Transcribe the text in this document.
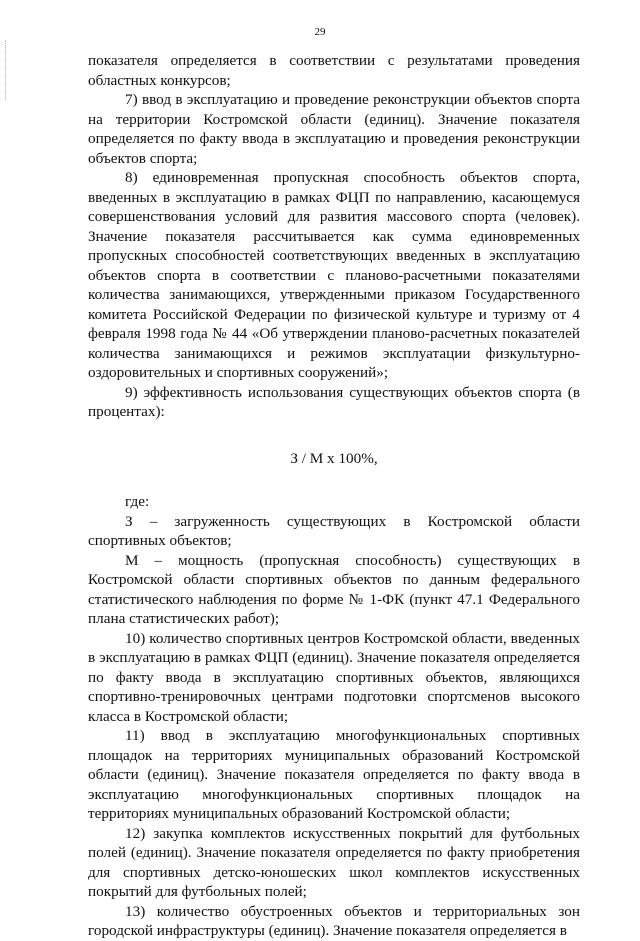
29

показателя определяется в соответствии с результатами проведения областных конкурсов;

7) ввод в эксплуатацию и проведение реконструкции объектов спорта на территории Костромской области (единиц). Значение показателя определяется по факту ввода в эксплуатацию и проведения реконструкции объектов спорта;

8) единовременная пропускная способность объектов спорта, введенных в эксплуатацию в рамках ФЦП по направлению, касающемуся совершенствования условий для развития массового спорта (человек). Значение показателя рассчитывается как сумма единовременных пропускных способностей соответствующих введенных в эксплуатацию объектов спорта в соответствии с планово-расчетными показателями количества занимающихся, утвержденными приказом Государственного комитета Российской Федерации по физической культуре и туризму от 4 февраля 1998 года № 44 «Об утверждении планово-расчетных показателей количества занимающихся и режимов эксплуатации физкультурно-оздоровительных и спортивных сооружений»;

9) эффективность использования существующих объектов спорта (в процентах):

З / М х 100%,

где:

З – загруженность существующих в Костромской области спортивных объектов;

М – мощность (пропускная способность) существующих в Костромской области спортивных объектов по данным федерального статистического наблюдения по форме № 1-ФК (пункт 47.1 Федерального плана статистических работ);

10) количество спортивных центров Костромской области, введенных в эксплуатацию в рамках ФЦП (единиц). Значение показателя определяется по факту ввода в эксплуатацию спортивных объектов, являющихся спортивно-тренировочных центрами подготовки спортсменов высокого класса в Костромской области;

11) ввод в эксплуатацию многофункциональных спортивных площадок на территориях муниципальных образований Костромской области (единиц). Значение показателя определяется по факту ввода в эксплуатацию многофункциональных спортивных площадок на территориях муниципальных образований Костромской области;

12) закупка комплектов искусственных покрытий для футбольных полей (единиц). Значение показателя определяется по факту приобретения для спортивных детско-юношеских школ комплектов искусственных покрытий для футбольных полей;

13) количество обустроенных объектов и территориальных зон городской инфраструктуры (единиц). Значение показателя определяется в
